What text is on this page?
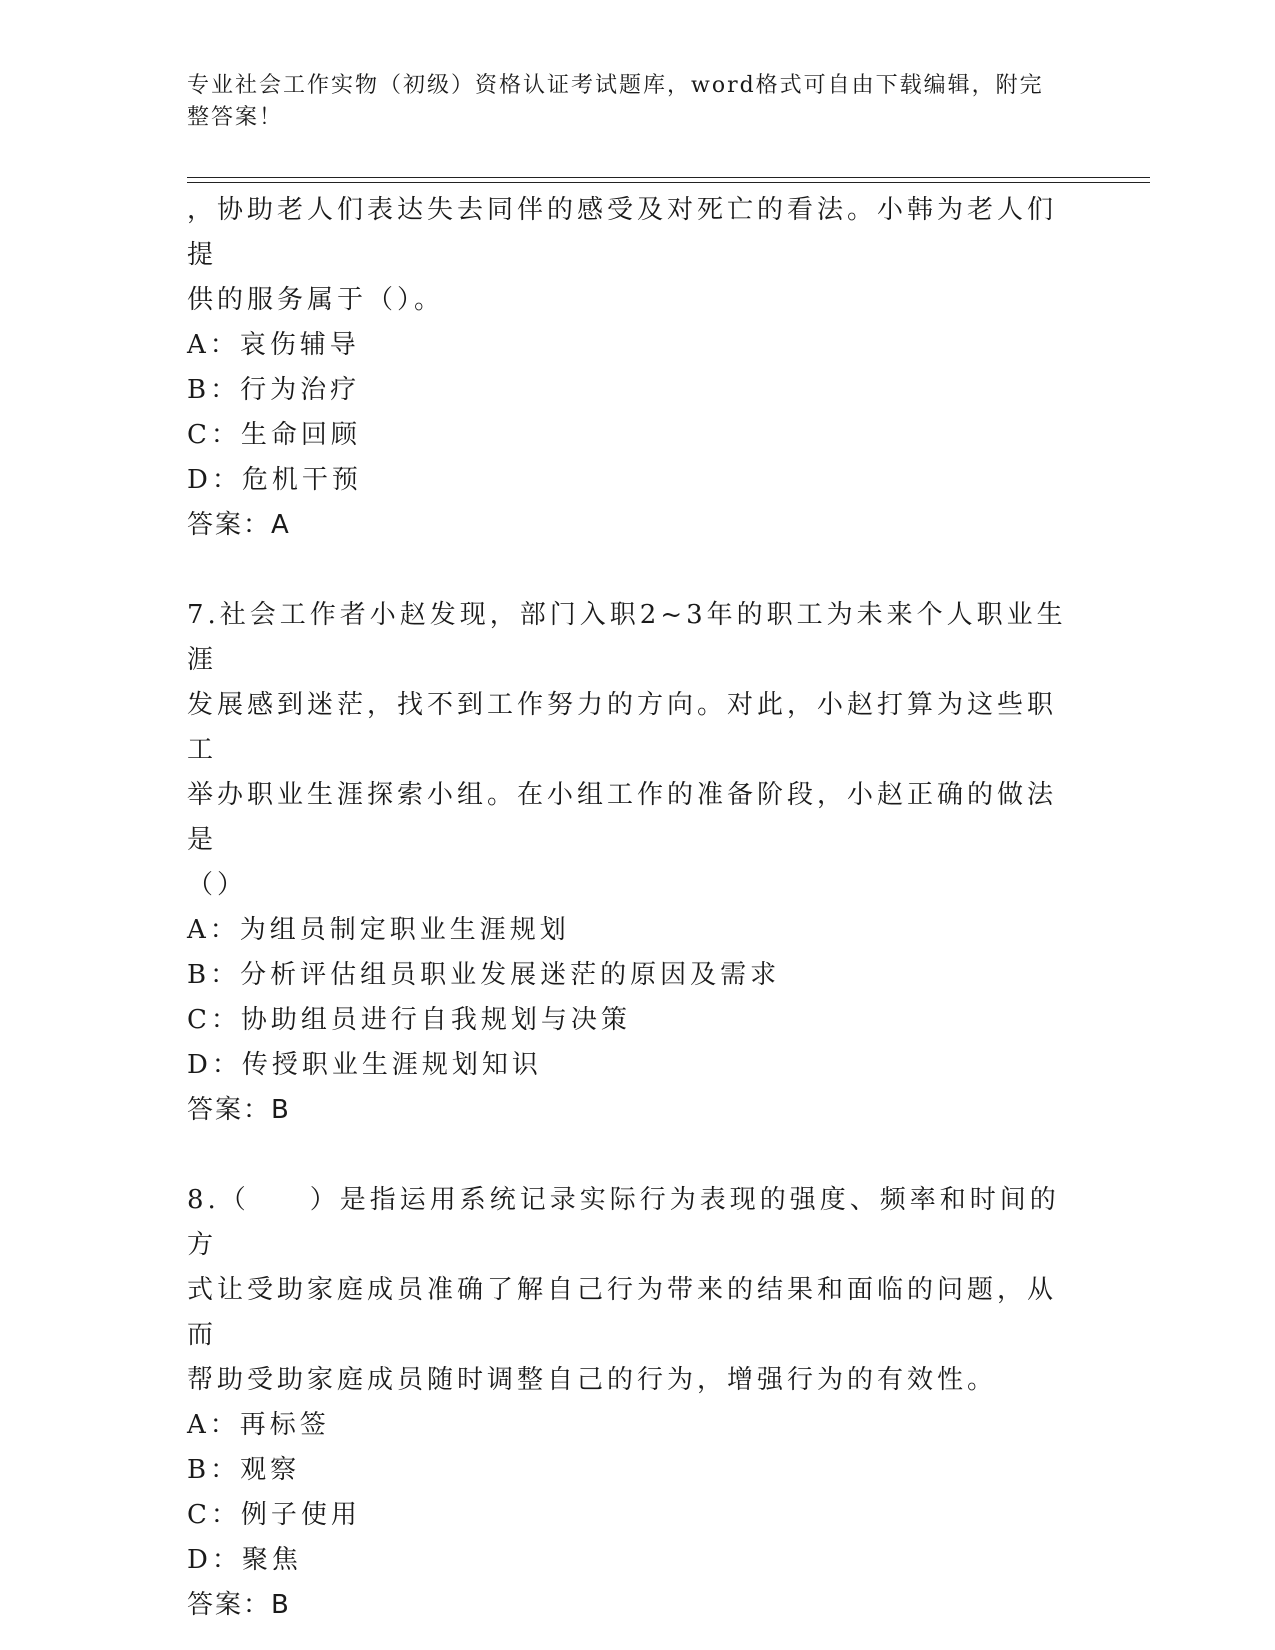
专业社会工作实物（初级）资格认证考试题库，word格式可自由下载编辑，附完
整答案！

，协助老人们表达失去同伴的感受及对死亡的看法。小韩为老人们提

供的服务属于（）。

A：哀伤辅导

B：行为治疗

C：生命回顾

D：危机干预

答案：A

7.社会工作者小赵发现，部门入职2~3年的职工为未来个人职业生涯

发展感到迷茫，找不到工作努力的方向。对此，小赵打算为这些职工

举办职业生涯探索小组。在小组工作的准备阶段，小赵正确的做法是

（）

A：为组员制定职业生涯规划

B：分析评估组员职业发展迷茫的原因及需求

C：协助组员进行自我规划与决策

D：传授职业生涯规划知识

答案：B

8.（　　）是指运用系统记录实际行为表现的强度、频率和时间的方

式让受助家庭成员准确了解自己行为带来的结果和面临的问题，从而

帮助受助家庭成员随时调整自己的行为，增强行为的有效性。

A：再标签

B：观察

C：例子使用

D：聚焦

答案：B
